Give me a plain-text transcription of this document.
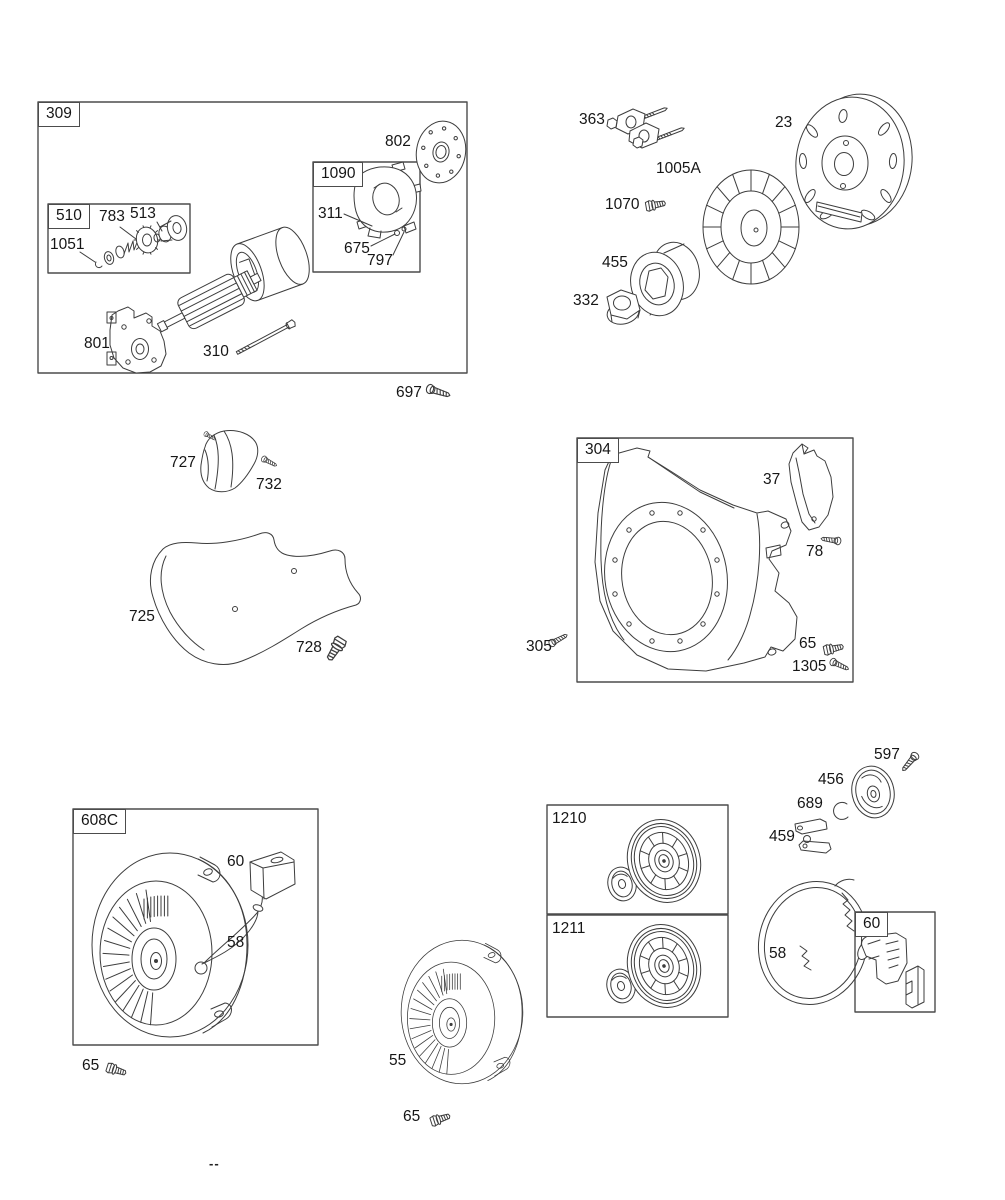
309
510
1090
304
608C
60
1210
1211
802
311
675
797
783 513
1051
801	310
697
727
732
725
728
363	23
1005A
1070
455
332
37
78
305	65
1305
597
456
689
459
58
60
58
65	55
65
--
